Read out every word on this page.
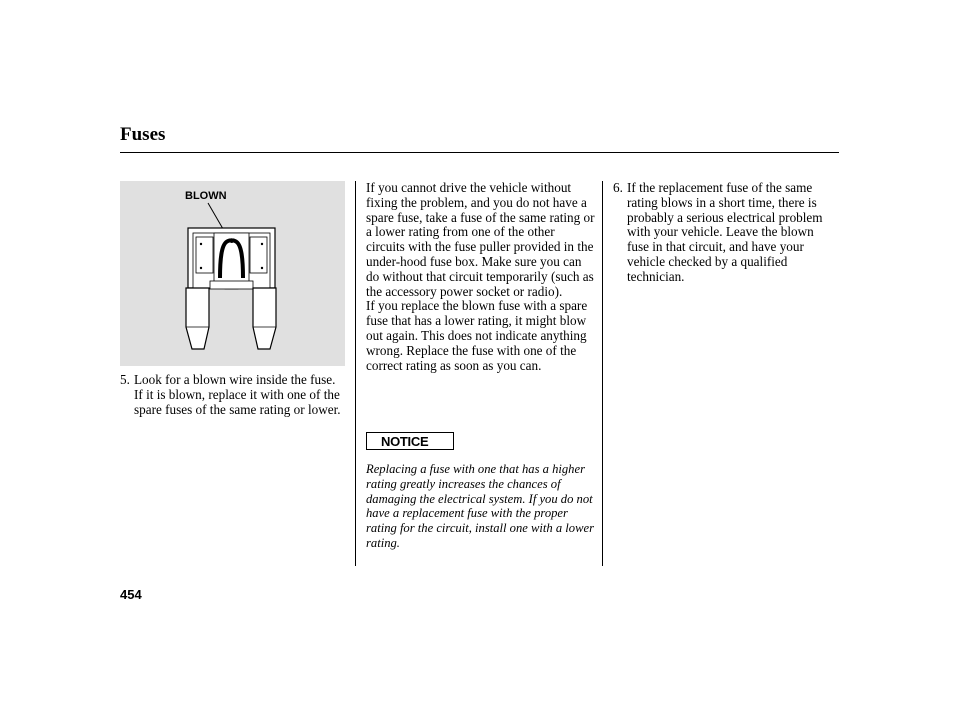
Fuses
BLOWN
5. Look for a blown wire inside the fuse. If it is blown, replace it with one of the spare fuses of the same rating or lower.

If you cannot drive the vehicle without fixing the problem, and you do not have a spare fuse, take a fuse of the same rating or a lower rating from one of the other circuits with the fuse puller provided in the under-hood fuse box. Make sure you can do without that circuit temporarily (such as the accessory power socket or radio).

If you replace the blown fuse with a spare fuse that has a lower rating, it might blow out again. This does not indicate anything wrong. Replace the fuse with one of the correct rating as soon as you can.

NOTICE
Replacing a fuse with one that has a higher rating greatly increases the chances of damaging the electrical system. If you do not have a replacement fuse with the proper rating for the circuit, install one with a lower rating.
6. If the replacement fuse of the same rating blows in a short time, there is probably a serious electrical problem with your vehicle. Leave the blown fuse in that circuit, and have your vehicle checked by a qualified technician.
454
